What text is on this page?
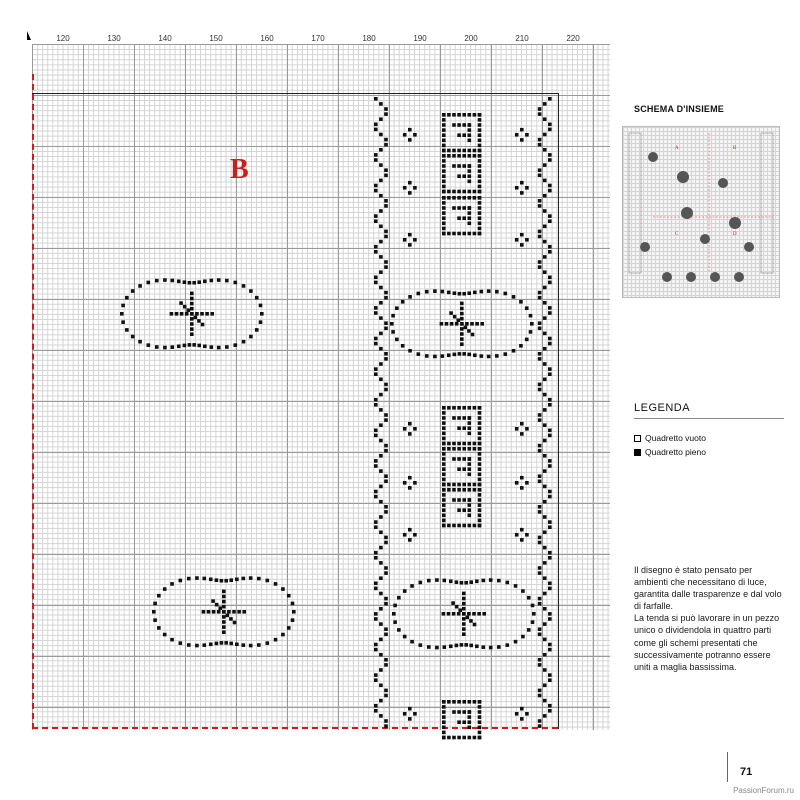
120	130	140	150	160	170	180	190	200	210	220
B
SCHEMA D'INSIEME
A	B
C	D
LEGENDA
Quadretto vuoto
Quadretto pieno

Il disegno è stato pensato per ambienti che necessitano di luce, garantita dalle trasparenze e dal volo di farfalle.

La tenda si può lavorare in un pezzo unico o dividendola in quattro parti come gli schemi presentati che successivamente potranno essere uniti a maglia bassissima.

71
PassionForum.ru
